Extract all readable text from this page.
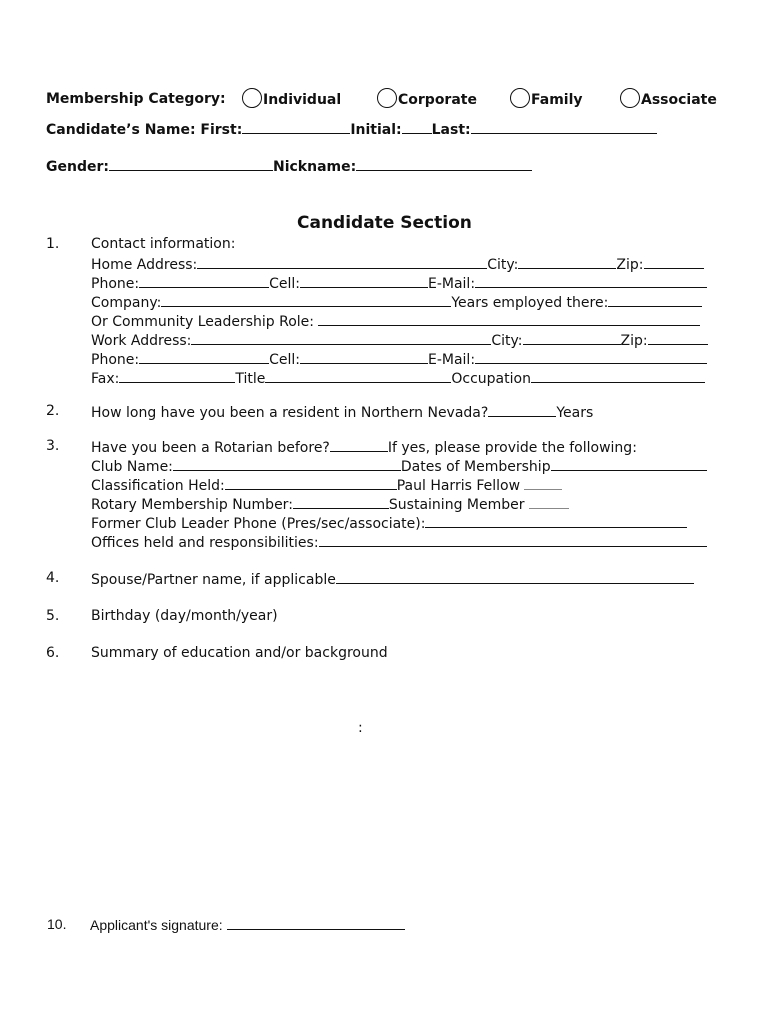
Membership Category:	Individual	Corporate	Family	Associate
Candidate’s Name: First:	Initial: Last:
Gender:	Nickname:
Candidate Section
1. Contact information:
Home Address:	City:	Zip:
Phone:	Cell:	E-Mail:
Company:	Years employed there:
Or Community Leadership Role:
Work Address:	City:	Zip:
Phone:	Cell:	E-Mail:
Fax:	Title	Occupation
2. How long have you been a resident in Northern Nevada?	Years
3. Have you been a Rotarian before?	If yes, please provide the following:
Club Name:	Dates of Membership
Classification Held:	Paul Harris Fellow
Rotary Membership Number:	Sustaining Member
Former Club Leader Phone (Pres/sec/associate):
Offices held and responsibilities:
4. Spouse/Partner name, if applicable
5. Birthday (day/month/year)
6. Summary of education and/or background
:
10. Applicant's signature:
